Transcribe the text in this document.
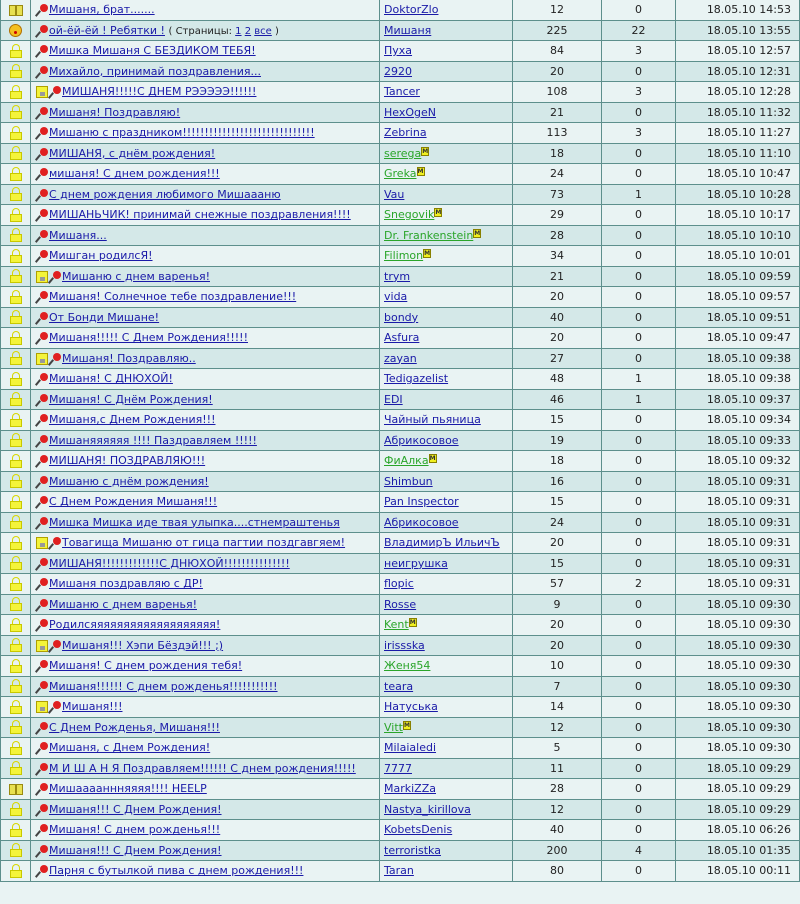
	Мишаня, брат.......	DoktorZlo	12	0	18.05.10 14:53
	ой-ёй-ёй ! Ребятки ! ( Страницы: 1 2 все )	Мишаня	225	22	18.05.10 13:55
	Мишка Мишаня С БЕЗДИКОМ ТЕБЯ!	Пуха	84	3	18.05.10 12:57
	Михайло, принимай поздравления...	2920	20	0	18.05.10 12:31
	МИШАНЯ!!!!!С ДНЕМ РЭЭЭЭЭ!!!!!!	Tancer	108	3	18.05.10 12:28
	Мишаня! Поздравляю!	HexOgeN	21	0	18.05.10 11:32
	Мишаню с праздником!!!!!!!!!!!!!!!!!!!!!!!!!!!!!!	Zebrina	113	3	18.05.10 11:27
	МИШАНЯ, с днём рождения!	seregaM	18	0	18.05.10 11:10
	мишаня! С днем рождения!!!	GrekaM	24	0	18.05.10 10:47
	С днем рождения любимого Мишаааню	Vau	73	1	18.05.10 10:28
	МИШАНЬЧИК! принимай снежные поздравления!!!!	SnegovikM	29	0	18.05.10 10:17
	Мишаня...	Dr. FrankensteinM	28	0	18.05.10 10:10
	Мишган родилсЯ!	FilimonM	34	0	18.05.10 10:01
	Мишаню с днем варенья!	trym	21	0	18.05.10 09:59
	Мишаня! Солнечное тебе поздравление!!!	vida	20	0	18.05.10 09:57
	От Бонди Мишане!	bondy	40	0	18.05.10 09:51
	Мишаня!!!!! С Днем Рождения!!!!!	Asfura	20	0	18.05.10 09:47
	Мишаня! Поздравляю..	zayan	27	0	18.05.10 09:38
	Мишаня! С ДНЮХОЙ!	Tedigazelist	48	1	18.05.10 09:38
	Мишаня! С Днём Рождения!	EDI	46	1	18.05.10 09:37
	Мишаня,с Днем Рождения!!!	Чайный пьяница	15	0	18.05.10 09:34
	Мишаняяяяяя !!!! Паздравляем !!!!!	Абрикосовое	19	0	18.05.10 09:33
	МИШАНЯ! ПОЗДРАВЛЯЮ!!!	ФиАлкаM	18	0	18.05.10 09:32
	Мишаню с днём рождения!	Shimbun	16	0	18.05.10 09:31
	С Днем Рождения Мишаня!!!	Pan Inspector	15	0	18.05.10 09:31
	Мишка Мишка иде твая улыпка....стнемраштенья	Абрикосовое	24	0	18.05.10 09:31
	Товагища Мишаню от гица пагтии поздгавгяем!	ВладимирЪ ИльичЪ	20	0	18.05.10 09:31
	МИШАНЯ!!!!!!!!!!!!!С ДНЮХОЙ!!!!!!!!!!!!!!!	неигрушка	15	0	18.05.10 09:31
	Мишаня поздравляю с ДР!	flopic	57	2	18.05.10 09:31
	Мишаню с днем варенья!	Rosse	9	0	18.05.10 09:30
	Родилсяяяяяяяяяяяяяяяяяяя!	KentM	20	0	18.05.10 09:30
	Мишаня!!! Хэпи Бёздэй!!! ;)	irissska	20	0	18.05.10 09:30
	Мишаня! С днем рождения тебя!	Женя54	10	0	18.05.10 09:30
	Мишаня!!!!!! С днем рожденья!!!!!!!!!!!	teara	7	0	18.05.10 09:30
	Мишаня!!!	Натуська	14	0	18.05.10 09:30
	С Днем Рожденья, Мишаня!!!	VittM	12	0	18.05.10 09:30
	Мишаня, с Днем Рождения!	Milaialedi	5	0	18.05.10 09:30
	М И Ш А Н Я Поздравляем!!!!!! С днем рождения!!!!!	7777	11	0	18.05.10 09:29
	Мишааааннняяяя!!!! HEELP	MarkiZZa	28	0	18.05.10 09:29
	Мишаня!!! С Днем Рождения!	Nastya_kirillova	12	0	18.05.10 09:29
	Мишаня! С днем рожденья!!!	KobetsDenis	40	0	18.05.10 06:26
	Мишаня!!! С Днем Рождения!	terroristka	200	4	18.05.10 01:35
	Парня с бутылкой пива с днем рождения!!!	Taran	80	0	18.05.10 00:11
